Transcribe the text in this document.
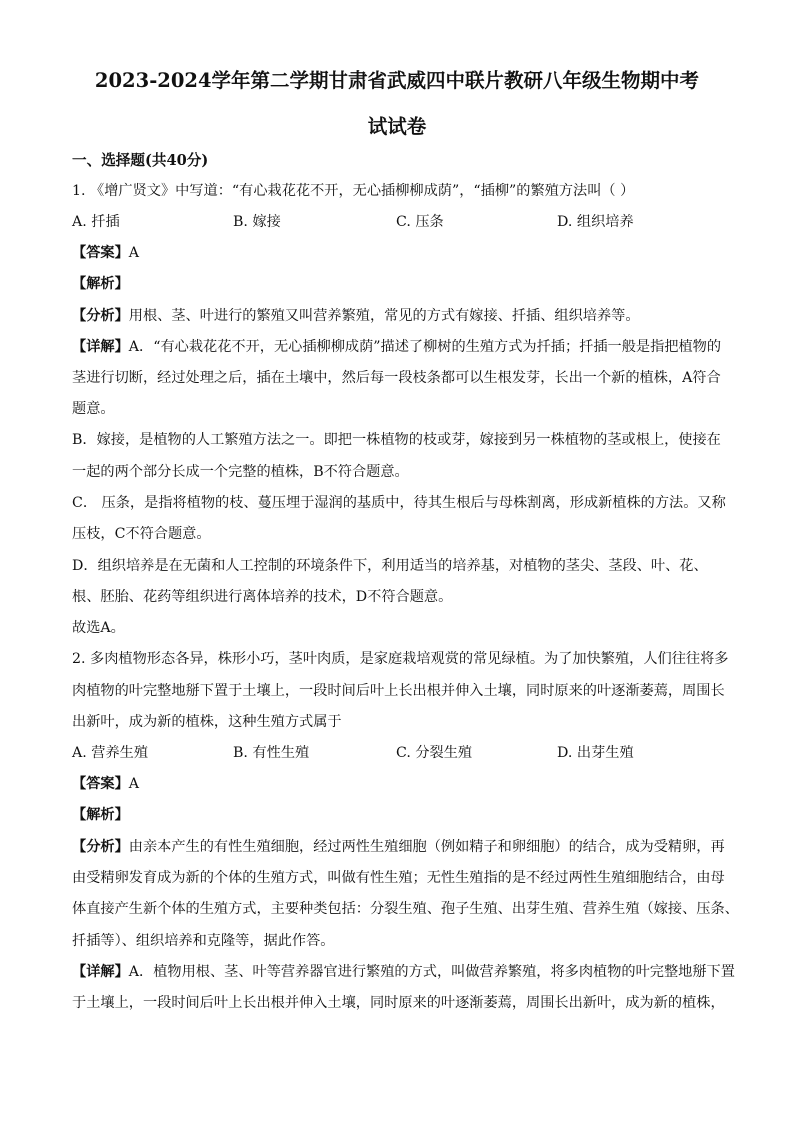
2023-2024学年第二学期甘肃省武威四中联片教研八年级生物期中考
试试卷
一、选择题(共40分)
1. 《增广贤文》中写道：“有心栽花花不开，无心插柳柳成荫”，“插柳”的繁殖方法叫（ ）
A. 扦插	B. 嫁接	C. 压条	D. 组织培养
【答案】A
【解析】
【分析】用根、茎、叶进行的繁殖又叫营养繁殖，常见的方式有嫁接、扦插、组织培养等。
【详解】A．“有心栽花花不开，无心插柳柳成荫”描述了柳树的生殖方式为扦插；扦插一般是指把植物的
茎进行切断，经过处理之后，插在土壤中，然后每一段枝条都可以生根发芽，长出一个新的植株，A符合
题意。
B．嫁接，是植物的人工繁殖方法之一。即把一株植物的枝或芽，嫁接到另一株植物的茎或根上，使接在
一起的两个部分长成一个完整的植株，B不符合题意。
C． 压条，是指将植物的枝、蔓压埋于湿润的基质中，待其生根后与母株割离，形成新植株的方法。又称
压枝，C不符合题意。
D．组织培养是在无菌和人工控制的环境条件下，利用适当的培养基，对植物的茎尖、茎段、叶、花、
根、胚胎、花药等组织进行离体培养的技术，D不符合题意。
故选A。
2. 多肉植物形态各异，株形小巧，茎叶肉质，是家庭栽培观赏的常见绿植。为了加快繁殖，人们往往将多
肉植物的叶完整地掰下置于土壤上，一段时间后叶上长出根并伸入土壤，同时原来的叶逐渐萎蔫，周围长
出新叶，成为新的植株，这种生殖方式属于
A. 营养生殖	B. 有性生殖	C. 分裂生殖	D. 出芽生殖
【答案】A
【解析】
【分析】由亲本产生的有性生殖细胞，经过两性生殖细胞（例如精子和卵细胞）的结合，成为受精卵，再
由受精卵发育成为新的个体的生殖方式，叫做有性生殖；无性生殖指的是不经过两性生殖细胞结合，由母
体直接产生新个体的生殖方式，主要种类包括：分裂生殖、孢子生殖、出芽生殖、营养生殖（嫁接、压条、
扦插等）、组织培养和克隆等，据此作答。
【详解】A．植物用根、茎、叶等营养器官进行繁殖的方式，叫做营养繁殖，将多肉植物的叶完整地掰下置
于土壤上，一段时间后叶上长出根并伸入土壤，同时原来的叶逐渐萎蔫，周围长出新叶，成为新的植株，
